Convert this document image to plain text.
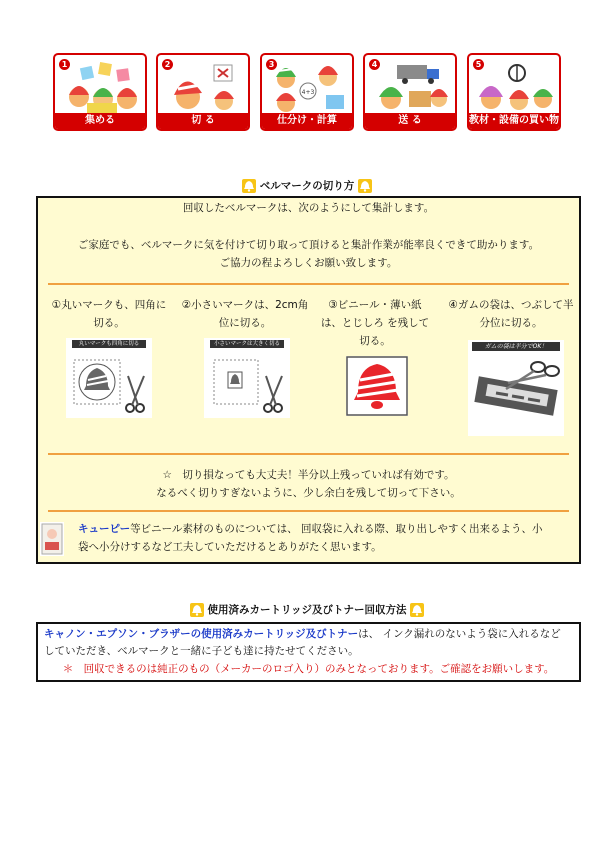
1
集める
2
切 る
3
4+3
仕分け・計算
4
送 る
5
教材・設備の買い物
ベルマークの切り方
回収したベルマークは、次のようにして集計します。
ご家庭でも、ベルマークに気を付けて切り取って頂けると集計作業が能率良くできて助かります。
ご協力の程よろしくお願い致します。
①丸いマークも、四角に
切る。
丸いマークも四角に切る
②小さいマークは、2cm角
位に切る。
小さいマークは大きく切る
③ビニール・薄い紙
は、とじしろ を残して
切る。
④ガムの袋は、つぶして半
分位に切る。
ガムの袋は半分でOK！
☆　切り損なっても大丈夫！半分以上残っていれば有効です。
なるべく切りすぎないように、少し余白を残して切って下さい。
キューピー等ビニール素材のものについては、 回収袋に入れる際、取り出しやすく出来るよう、小
袋へ小分けするなど工夫していただけるとありがたく思います。
使用済みカートリッジ及びトナー回収方法
キャノン・エプソン・ブラザーの使用済みカートリッジ及びトナーは、 インク漏れのないよう袋に入れるなど
していただき、ベルマークと一緒に子ども達に持たせてください。
＊　回収できるのは純正のもの（メーカーのロゴ入り）のみとなっております。ご確認をお願いします。
